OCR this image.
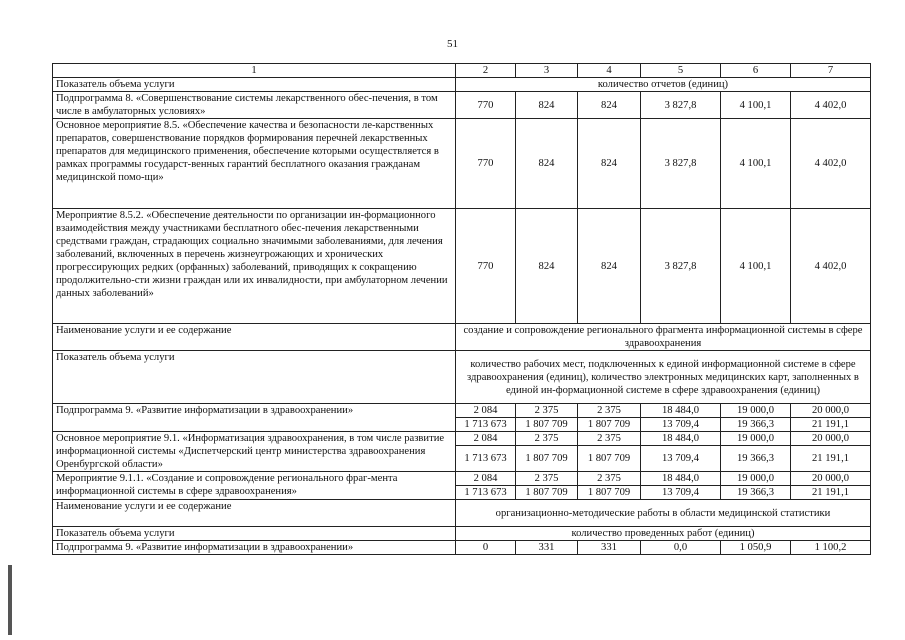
51
1	2	3	4	5	6	7
Показатель объема услуги	количество отчетов (единиц)					
Подпрограмма 8. «Совершенствование системы лекарственного обес-печения, в том числе в амбулаторных условиях»	770	824	824	3 827,8	4 100,1	4 402,0
Основное мероприятие 8.5. «Обеспечение качества и безопасности ле-карственных препаратов, совершенствование порядков формирования перечней лекарственных препаратов для медицинского применения, обеспечение которыми осуществляется в рамках программы государст-венных гарантий бесплатного оказания гражданам медицинской помо-щи»	770	824	824	3 827,8	4 100,1	4 402,0
Мероприятие 8.5.2. «Обеспечение деятельности по организации ин-формационного взаимодействия между участниками бесплатного обес-печения лекарственными средствами граждан, страдающих социально значимыми заболеваниями, для лечения заболеваний, включенных в перечень жизнеугрожающих и хронических прогрессирующих редких (орфанных) заболеваний, приводящих к сокращению продолжительно-сти жизни граждан или их инвалидности, при амбулаторном лечении данных заболеваний»	770	824	824	3 827,8	4 100,1	4 402,0
Наименование услуги и ее содержание	создание и сопровождение регионального фрагмента информационной системы в сфере здравоохранения					
Показатель объема услуги	количество рабочих мест, подключенных к единой информационной системе в сфере здравоохранения (единиц), количество электронных медицинских карт, заполненных в единой ин-формационной системе в сфере здравоохранения (единиц)					
Подпрограмма 9. «Развитие информатизации в здравоохранении»	2 084	2 375	2 375	18 484,0	19 000,0	20 000,0
	1 713 673	1 807 709	1 807 709	13 709,4	19 366,3	21 191,1
Основное мероприятие 9.1. «Информатизация здравоохранения, в том числе развитие информационной системы «Диспетчерский центр министерства здравоохранения Оренбургской области»	2 084	2 375	2 375	18 484,0	19 000,0	20 000,0
	1 713 673	1 807 709	1 807 709	13 709,4	19 366,3	21 191,1
Мероприятие 9.1.1. «Создание и сопровождение регионального фраг-мента информационной системы в сфере здравоохранения»	2 084	2 375	2 375	18 484,0	19 000,0	20 000,0
	1 713 673	1 807 709	1 807 709	13 709,4	19 366,3	21 191,1
Наименование услуги и ее содержание	организационно-методические работы в области медицинской статистики					
Показатель объема услуги	количество проведенных работ (единиц)					
Подпрограмма 9. «Развитие информатизации в здравоохранении»	0	331	331	0,0	1 050,9	1 100,2
